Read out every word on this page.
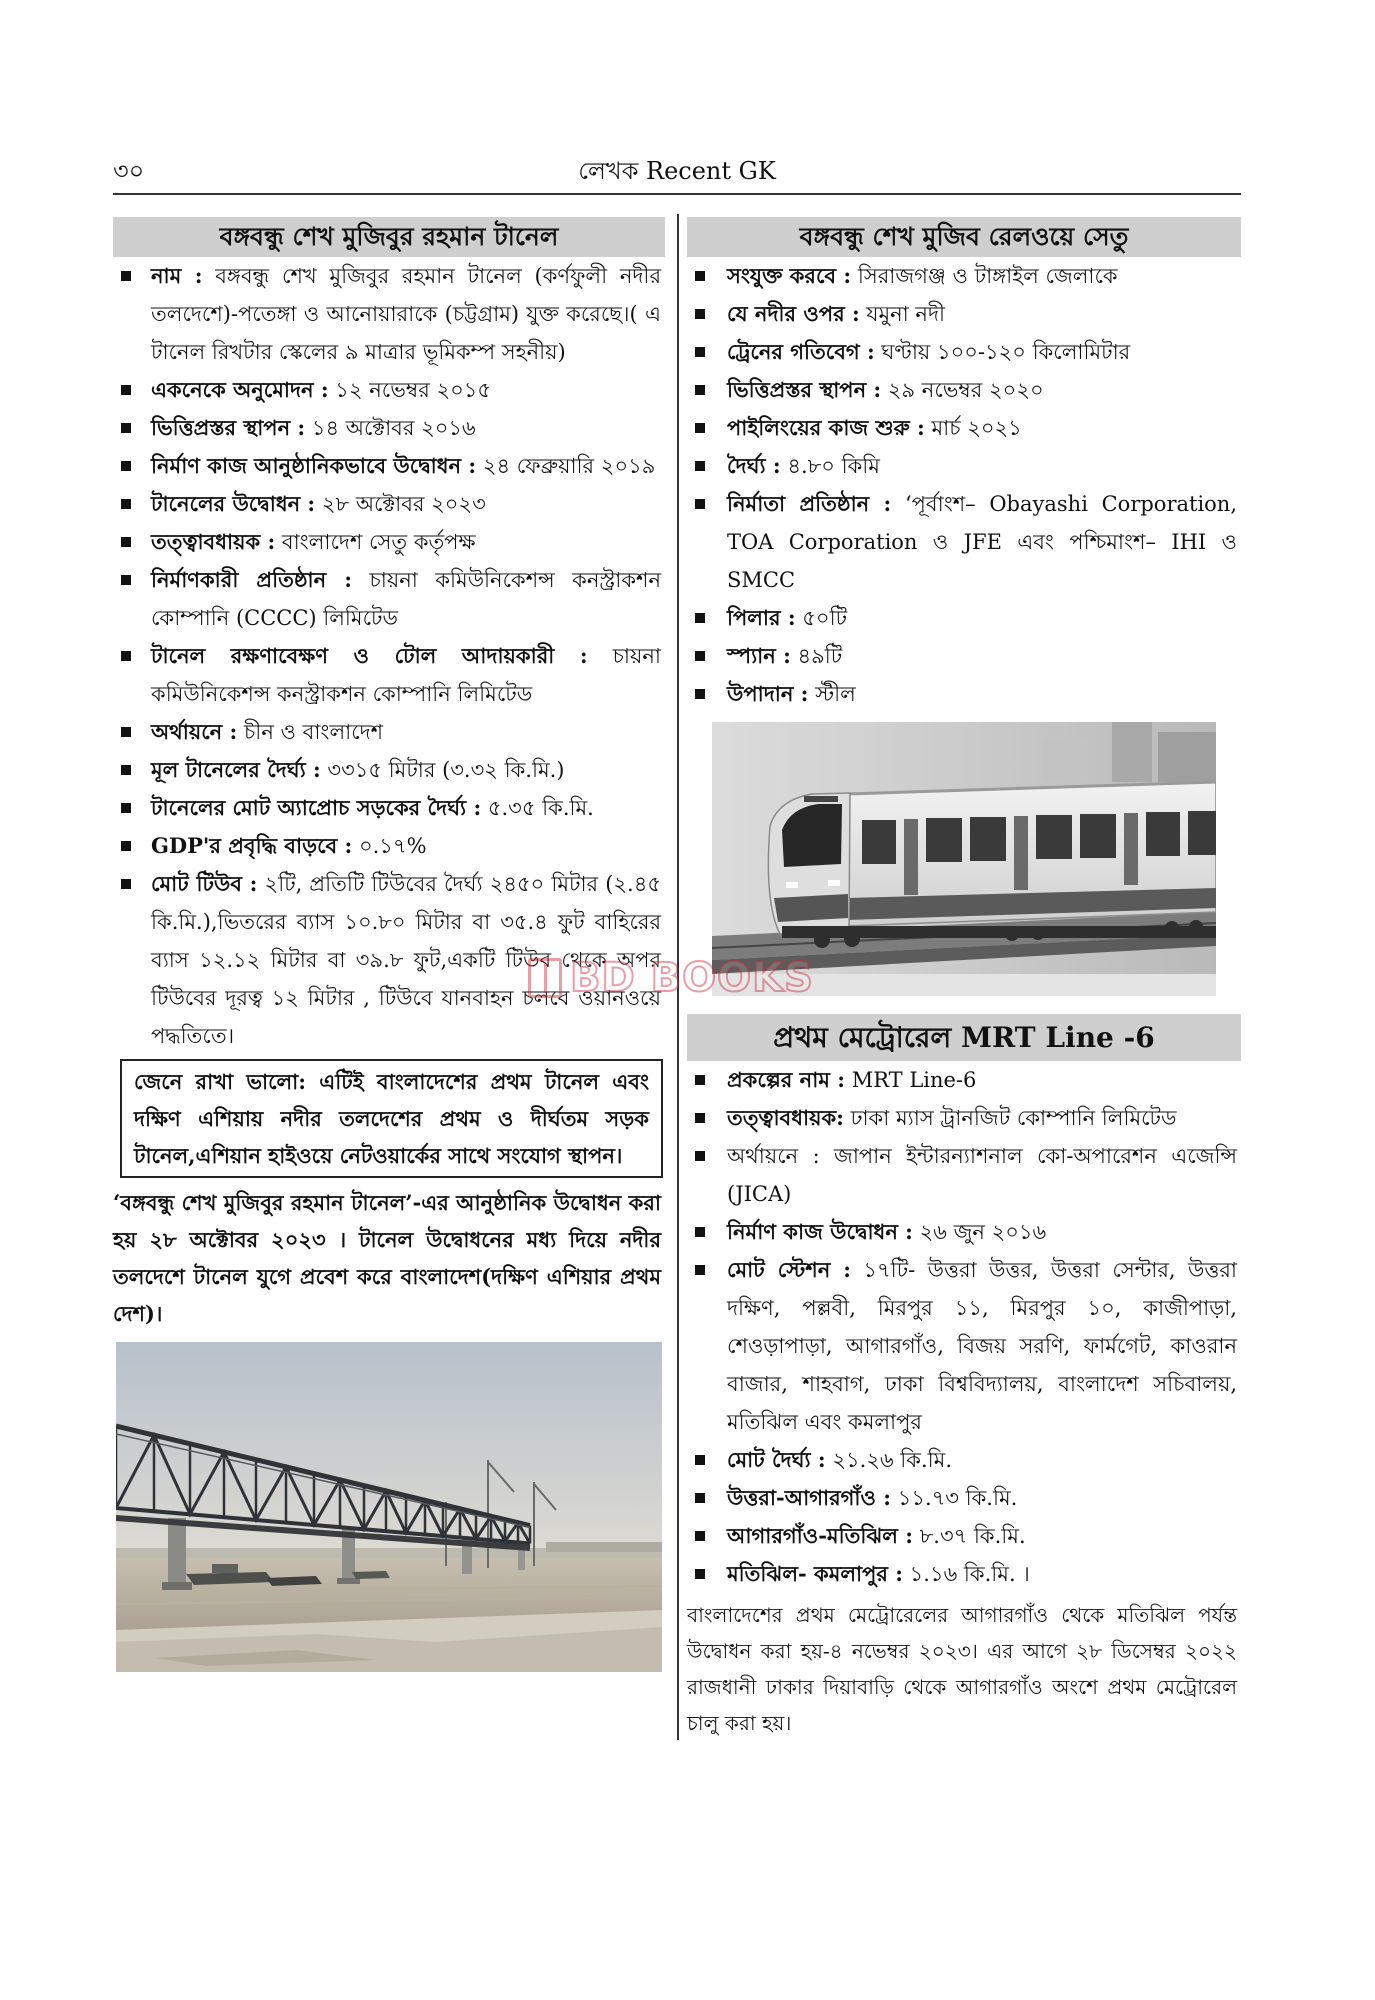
৩০	লেখক Recent GK
বঙ্গবন্ধু শেখ মুজিবুর রহমান টানেল
নাম : বঙ্গবন্ধু শেখ মুজিবুর রহমান টানেল (কর্ণফুলী নদীর তলদেশে)-পতেঙ্গা ও আনোয়ারাকে (চট্টগ্রাম) যুক্ত করেছে।( এ টানেল রিখটার স্কেলের ৯ মাত্রার ভূমিকম্প সহনীয়)
একনেকে অনুমোদন : ১২ নভেম্বর ২০১৫
ভিত্তিপ্রস্তর স্থাপন : ১৪ অক্টোবর ২০১৬
নির্মাণ কাজ আনুষ্ঠানিকভাবে উদ্বোধন : ২৪ ফেব্রুয়ারি ২০১৯
টানেলের উদ্বোধন : ২৮ অক্টোবর ২০২৩
তত্ত্বাবধায়ক : বাংলাদেশ সেতু কর্তৃপক্ষ
নির্মাণকারী প্রতিষ্ঠান : চায়না কমিউনিকেশন্স কনস্ট্রাকশন কোম্পানি (CCCC) লিমিটেড
টানেল রক্ষণাবেক্ষণ ও টোল আদায়কারী : চায়না কমিউনিকেশন্স কনস্ট্রাকশন কোম্পানি লিমিটেড
অর্থায়নে : চীন ও বাংলাদেশ
মূল টানেলের দৈর্ঘ্য : ৩৩১৫ মিটার (৩.৩২ কি.মি.)
টানেলের মোট অ্যাপ্রোচ সড়কের দৈর্ঘ্য : ৫.৩৫ কি.মি.
GDP'র প্রবৃদ্ধি বাড়বে : ০.১৭%
মোট টিউব : ২টি, প্রতিটি টিউবের দৈর্ঘ্য ২৪৫০ মিটার (২.৪৫ কি.মি.),ভিতরের ব্যাস ১০.৮০ মিটার বা ৩৫.৪ ফুট বাহিরের ব্যাস ১২.১২ মিটার বা ৩৯.৮ ফুট,একটি টিউব থেকে অপর টিউবের দূরত্ব ১২ মিটার , টিউবে যানবাহন চলবে ওয়ানওয়ে পদ্ধতিতে।
জেনে রাখা ভালো: এটিই বাংলাদেশের প্রথম টানেল এবং দক্ষিণ এশিয়ায় নদীর তলদেশের প্রথম ও দীর্ঘতম সড়ক টানেল,এশিয়ান হাইওয়ে নেটওয়ার্কের সাথে সংযোগ স্থাপন।

‘বঙ্গবন্ধু শেখ মুজিবুর রহমান টানেল’-এর আনুষ্ঠানিক উদ্বোধন করা হয় ২৮ অক্টোবর ২০২৩ । টানেল উদ্বোধনের মধ্য দিয়ে নদীর তলদেশে টানেল যুগে প্রবেশ করে বাংলাদেশ(দক্ষিণ এশিয়ার প্রথম দেশ)।

বঙ্গবন্ধু শেখ মুজিব রেলওয়ে সেতু
সংযুক্ত করবে : সিরাজগঞ্জ ও টাঙ্গাইল জেলাকে
যে নদীর ওপর : যমুনা নদী
ট্রেনের গতিবেগ : ঘণ্টায় ১০০-১২০ কিলোমিটার
ভিত্তিপ্রস্তর স্থাপন : ২৯ নভেম্বর ২০২০
পাইলিংয়ের কাজ শুরু : মার্চ ২০২১
দৈর্ঘ্য : ৪.৮০ কিমি
নির্মাতা প্রতিষ্ঠান : ‘পূর্বাংশ– Obayashi Corporation, TOA Corporation ও JFE এবং পশ্চিমাংশ– IHI ও SMCC
পিলার : ৫০টি
স্প্যান : ৪৯টি
উপাদান : স্টীল
প্রথম মেট্রোরেল MRT Line -6
প্রকল্পের নাম : MRT Line-6
তত্ত্বাবধায়ক: ঢাকা ম্যাস ট্রানজিট কোম্পানি লিমিটেড
অর্থায়নে : জাপান ইন্টারন্যাশনাল কো-অপারেশন এজেন্সি (JICA)
নির্মাণ কাজ উদ্বোধন : ২৬ জুন ২০১৬
মোট স্টেশন : ১৭টি- উত্তরা উত্তর, উত্তরা সেন্টার, উত্তরা দক্ষিণ, পল্লবী, মিরপুর ১১, মিরপুর ১০, কাজীপাড়া, শেওড়াপাড়া, আগারগাঁও, বিজয় সরণি, ফার্মগেট, কাওরান বাজার, শাহবাগ, ঢাকা বিশ্ববিদ্যালয়, বাংলাদেশ সচিবালয়, মতিঝিল এবং কমলাপুর
মোট দৈর্ঘ্য : ২১.২৬ কি.মি.
উত্তরা-আগারগাঁও : ১১.৭৩ কি.মি.
আগারগাঁও-মতিঝিল : ৮.৩৭ কি.মি.
মতিঝিল- কমলাপুর : ১.১৬ কি.মি. ।

বাংলাদেশের প্রথম মেট্রোরেলের আগারগাঁও থেকে মতিঝিল পর্যন্ত উদ্বোধন করা হয়-৪ নভেম্বর ২০২৩। এর আগে ২৮ ডিসেম্বর ২০২২ রাজধানী ঢাকার দিয়াবাড়ি থেকে আগারগাঁও অংশে প্রথম মেট্রোরেল চালু করা হয়।

BD BOOKS
